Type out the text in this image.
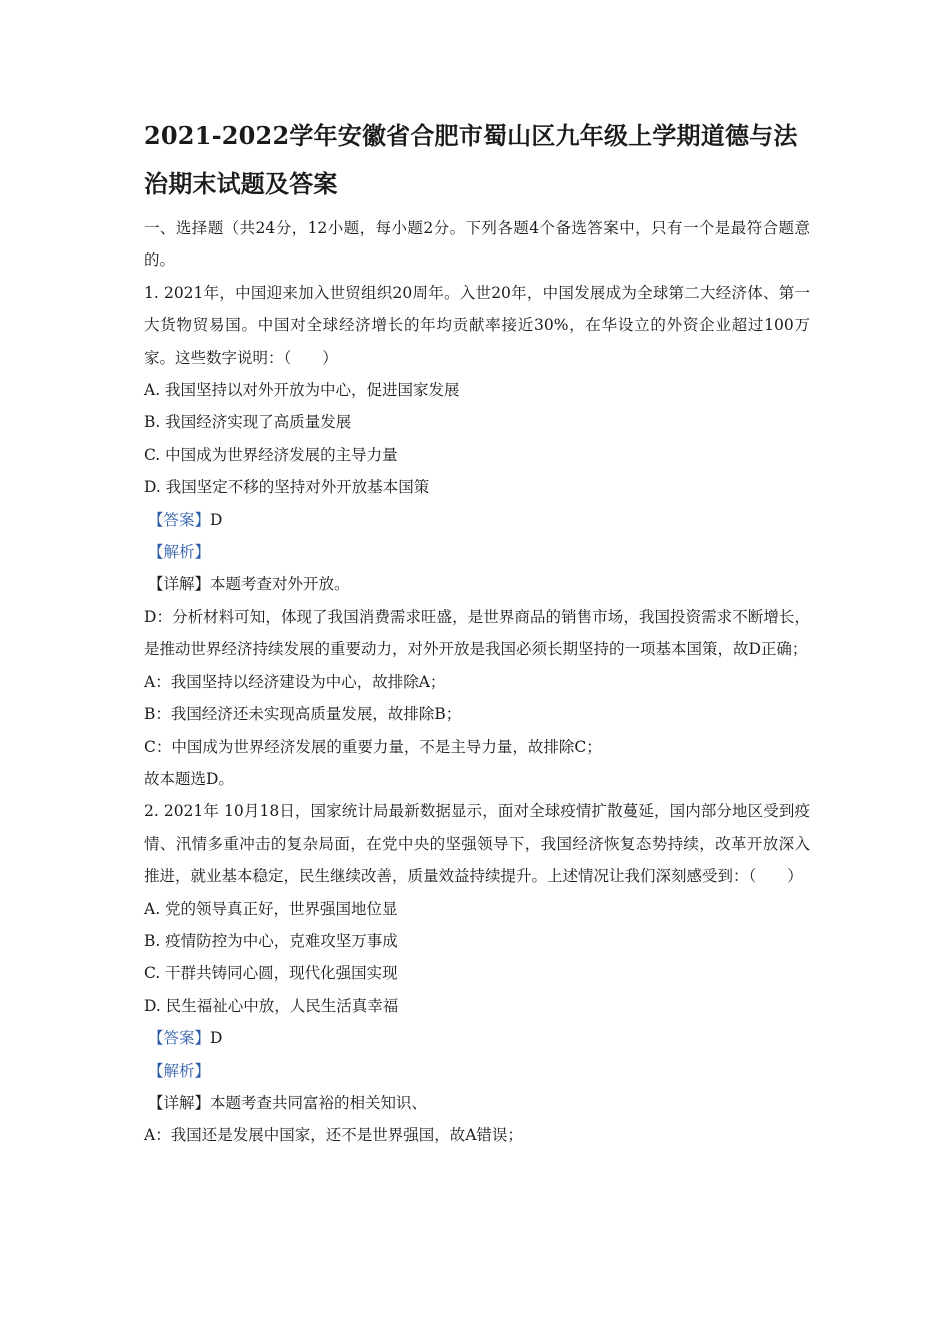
2021-2022学年安徽省合肥市蜀山区九年级上学期道德与法治期末试题及答案

一、选择题（共24分，12小题，每小题2分。下列各题4个备选答案中，只有一个是最符合题意的。

1. 2021年，中国迎来加入世贸组织20周年。入世20年，中国发展成为全球第二大经济体、第一大货物贸易国。中国对全球经济增长的年均贡献率接近30%，在华设立的外资企业超过100万家。这些数字说明：（　　）

A. 我国坚持以对外开放为中心，促进国家发展

B. 我国经济实现了高质量发展

C. 中国成为世界经济发展的主导力量

D. 我国坚定不移的坚持对外开放基本国策

【答案】D

【解析】

【详解】本题考查对外开放。

D：分析材料可知，体现了我国消费需求旺盛，是世界商品的销售市场，我国投资需求不断增长，是推动世界经济持续发展的重要动力，对外开放是我国必须长期坚持的一项基本国策，故D正确；

A：我国坚持以经济建设为中心，故排除A；

B：我国经济还未实现高质量发展，故排除B；

C：中国成为世界经济发展的重要力量，不是主导力量，故排除C；

故本题选D。

2. 2021年 10月18日，国家统计局最新数据显示，面对全球疫情扩散蔓延，国内部分地区受到疫情、汛情多重冲击的复杂局面，在党中央的坚强领导下，我国经济恢复态势持续，改革开放深入推进，就业基本稳定，民生继续改善，质量效益持续提升。上述情况让我们深刻感受到：（　　）

A. 党的领导真正好，世界强国地位显

B. 疫情防控为中心，克难攻坚万事成

C. 干群共铸同心圆，现代化强国实现

D. 民生福祉心中放，人民生活真幸福

【答案】D

【解析】

【详解】本题考查共同富裕的相关知识、

A：我国还是发展中国家，还不是世界强国，故A错误；
